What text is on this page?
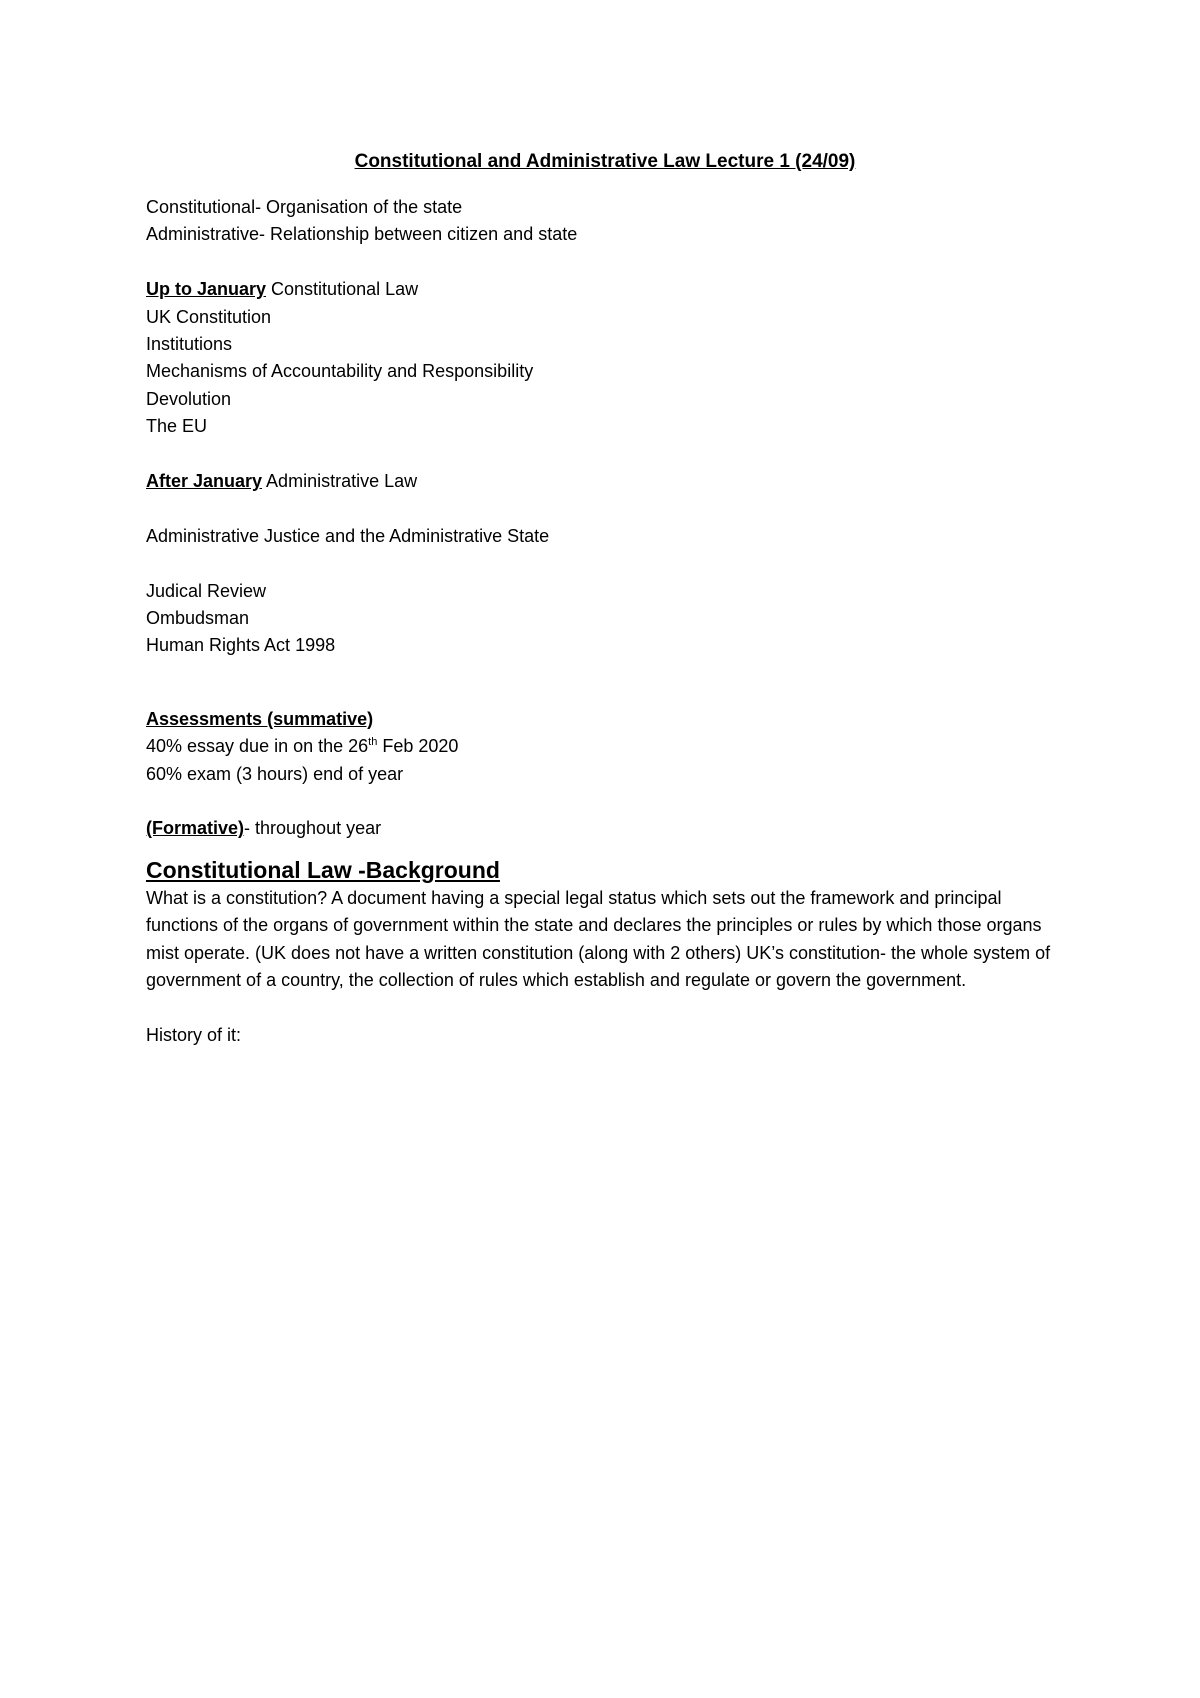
Constitutional and Administrative Law Lecture 1 (24/09)

Constitutional- Organisation of the state

Administrative- Relationship between citizen and state

Up to January Constitutional Law

UK Constitution

Institutions

Mechanisms of Accountability and Responsibility

Devolution

The EU

After January Administrative Law

Administrative Justice and the Administrative State

Judical Review

Ombudsman

Human Rights Act 1998

Assessments (summative)

40% essay due in on the 26th Feb 2020

60% exam (3 hours) end of year

(Formative)- throughout year

Constitutional Law -Background

What is a constitution? A document having a special legal status which sets out the framework and principal functions of the organs of government within the state and declares the principles or rules by which those organs mist operate. (UK does not have a written constitution (along with 2 others) UK’s constitution- the whole system of government of a country, the collection of rules which establish and regulate or govern the government.

History of it:
